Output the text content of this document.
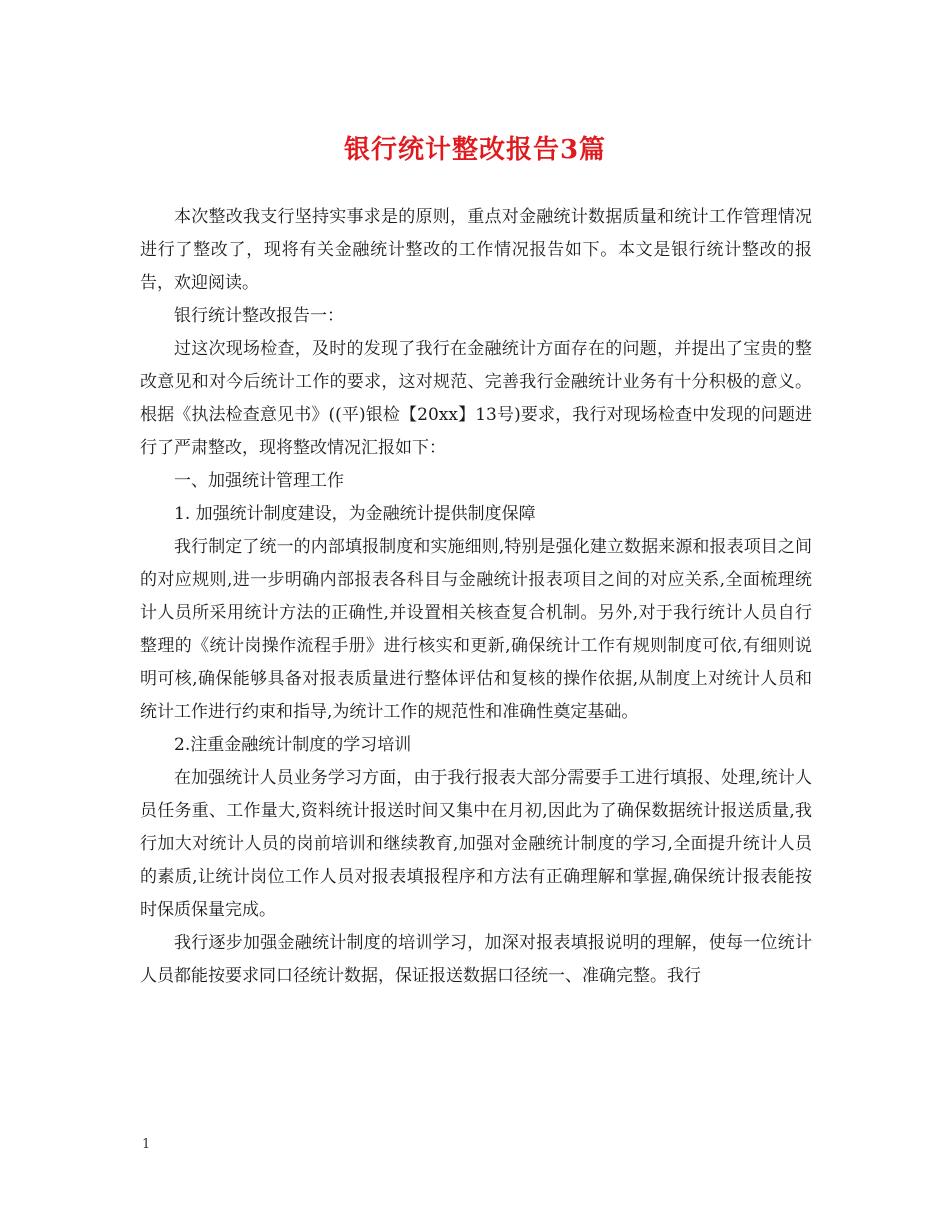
银行统计整改报告3篇

本次整改我支行坚持实事求是的原则，重点对金融统计数据质量和统计工作管理情况进行了整改了，现将有关金融统计整改的工作情况报告如下。本文是银行统计整改的报告，欢迎阅读。

银行统计整改报告一：

过这次现场检查，及时的发现了我行在金融统计方面存在的问题，并提出了宝贵的整改意见和对今后统计工作的要求，这对规范、完善我行金融统计业务有十分积极的意义。根据《执法检查意见书》((平)银检【20xx】13号)要求，我行对现场检查中发现的问题进行了严肃整改，现将整改情况汇报如下：

一、加强统计管理工作

1. 加强统计制度建设，为金融统计提供制度保障

我行制定了统一的内部填报制度和实施细则,特别是强化建立数据来源和报表项目之间的对应规则,进一步明确内部报表各科目与金融统计报表项目之间的对应关系,全面梳理统计人员所采用统计方法的正确性,并设置相关核查复合机制。另外,对于我行统计人员自行整理的《统计岗操作流程手册》进行核实和更新,确保统计工作有规则制度可依,有细则说明可核,确保能够具备对报表质量进行整体评估和复核的操作依据,从制度上对统计人员和统计工作进行约束和指导,为统计工作的规范性和准确性奠定基础。

2.注重金融统计制度的学习培训

在加强统计人员业务学习方面，由于我行报表大部分需要手工进行填报、处理,统计人员任务重、工作量大,资料统计报送时间又集中在月初,因此为了确保数据统计报送质量,我行加大对统计人员的岗前培训和继续教育,加强对金融统计制度的学习,全面提升统计人员的素质,让统计岗位工作人员对报表填报程序和方法有正确理解和掌握,确保统计报表能按时保质保量完成。

我行逐步加强金融统计制度的培训学习，加深对报表填报说明的理解，使每一位统计人员都能按要求同口径统计数据，保证报送数据口径统一、准确完整。我行

1
